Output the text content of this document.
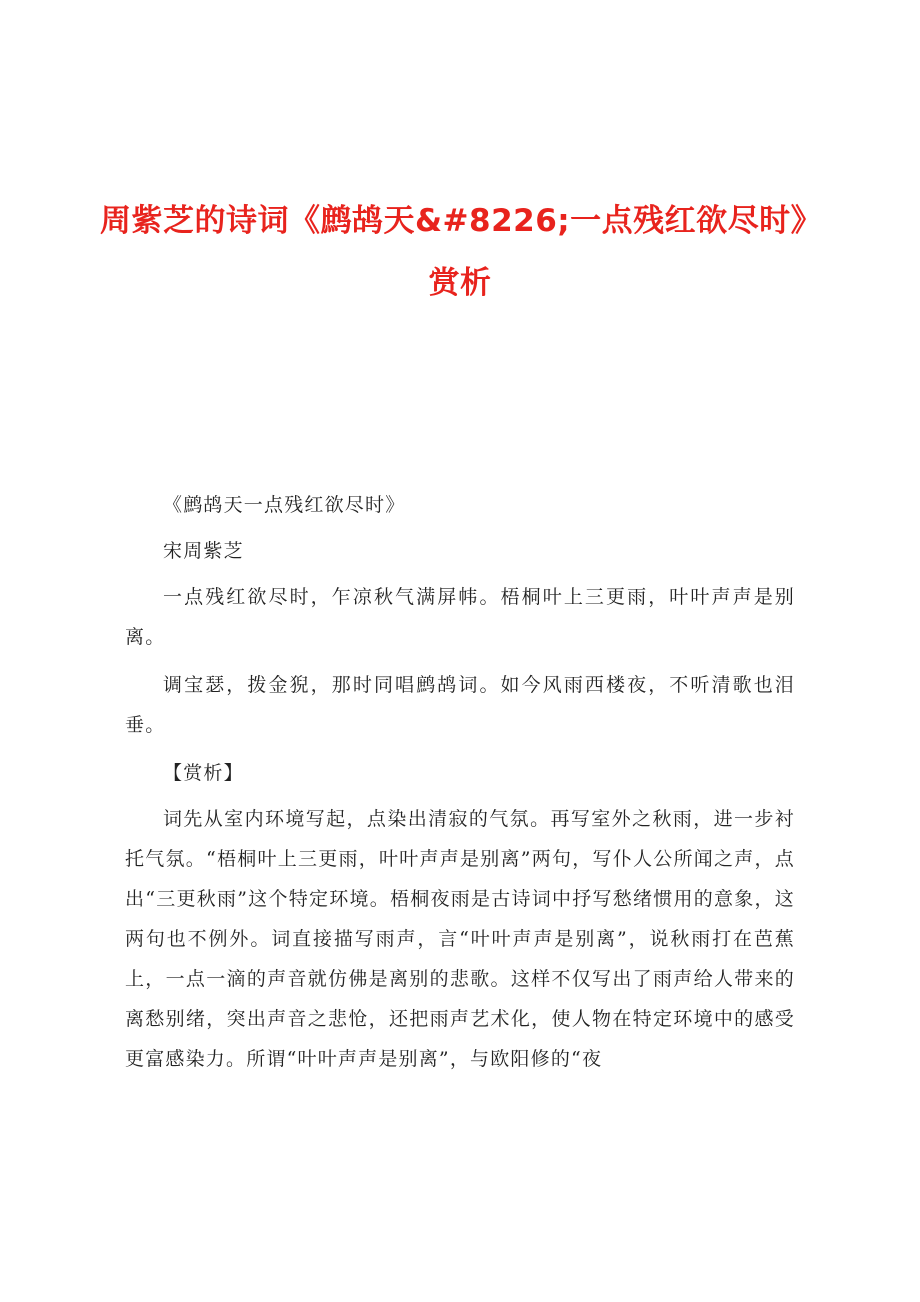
周紫芝的诗词《鹧鸪天&#8226;一点残红欲尽时》
赏析

《鹧鸪天一点残红欲尽时》

宋周紫芝

一点残红欲尽时，乍凉秋气满屏帏。梧桐叶上三更雨，叶叶声声是别离。

调宝瑟，拨金猊，那时同唱鹧鸪词。如今风雨西楼夜，不听清歌也泪垂。

【赏析】

词先从室内环境写起，点染出清寂的气氛。再写室外之秋雨，进一步衬托气氛。“梧桐叶上三更雨，叶叶声声是别离”两句，写仆人公所闻之声，点出“三更秋雨”这个特定环境。梧桐夜雨是古诗词中抒写愁绪惯用的意象，这两句也不例外。词直接描写雨声，言“叶叶声声是别离”，说秋雨打在芭蕉上，一点一滴的声音就仿佛是离别的悲歌。这样不仅写出了雨声给人带来的离愁别绪，突出声音之悲怆，还把雨声艺术化，使人物在特定环境中的感受更富感染力。所谓“叶叶声声是别离”，与欧阳修的“夜
